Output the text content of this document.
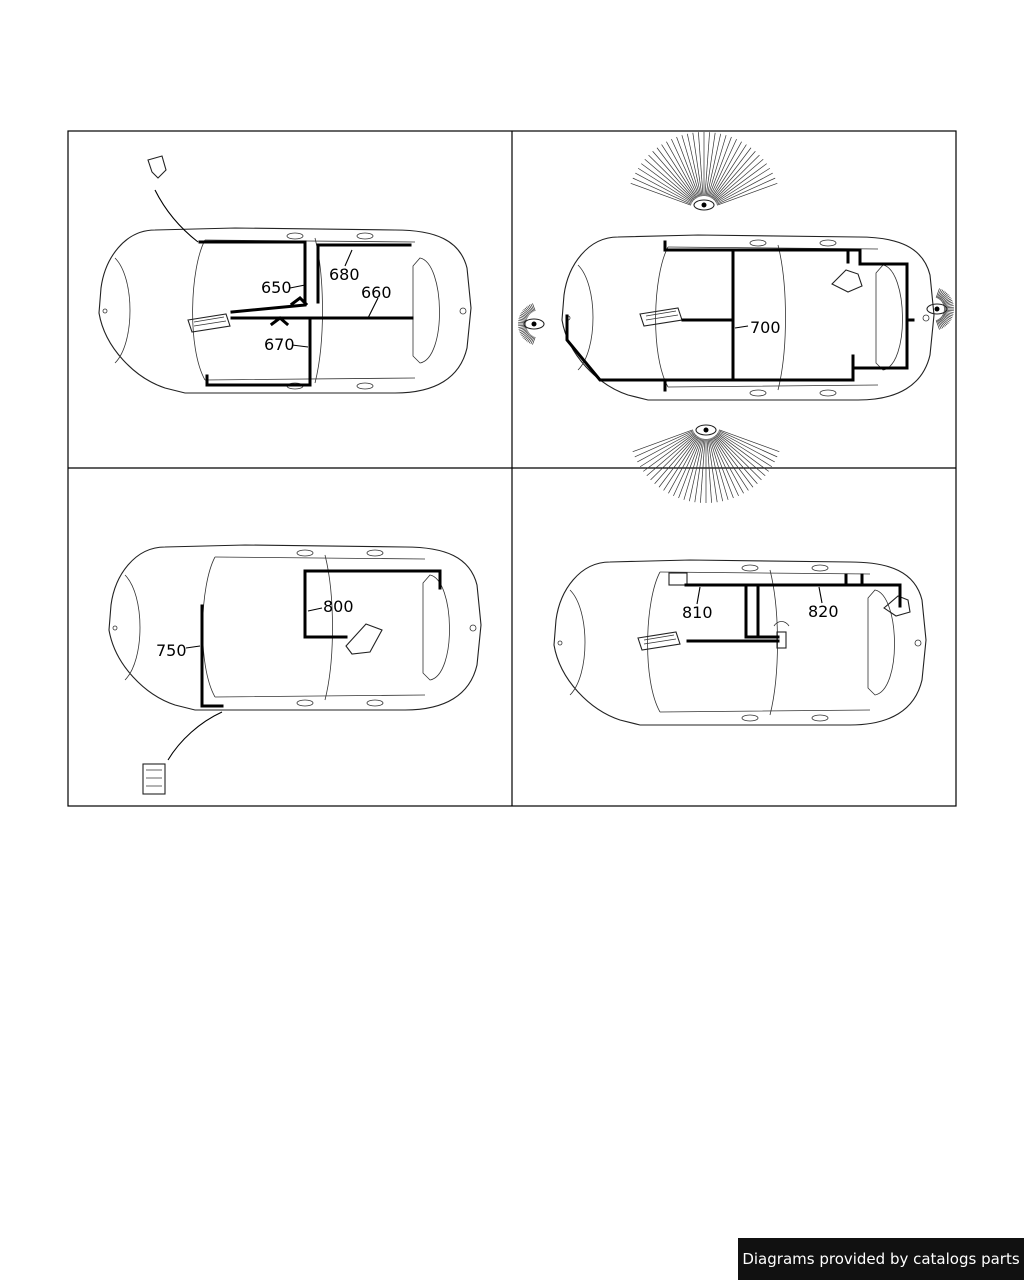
650
680
660
670
700
800
750
810	820
Diagrams provided by catalogs parts
